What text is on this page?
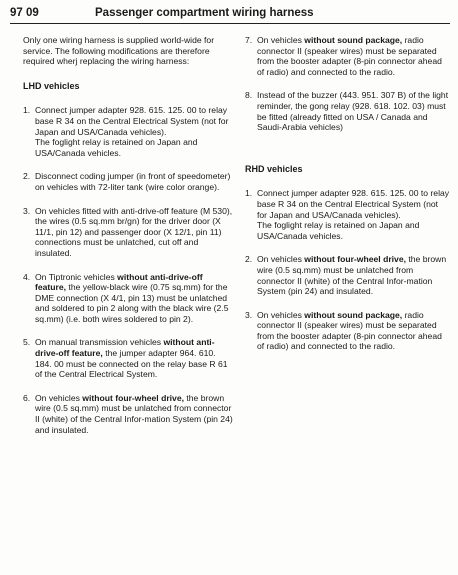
97 09	Passenger compartment wiring harness

Only one wiring harness is supplied world-wide for service. The following modifications are therefore required wherj replacing the wiring harness:

LHD vehicles

1. Connect jumper adapter 928. 615. 125. 00 to relay base R 34 on the Central Electrical System (not for Japan and USA/Canada vehicles).
The foglight relay is retained on Japan and USA/Canada vehicles.
2. Disconnect coding jumper (in front of speedometer) on vehicles with 72-liter tank (wire color orange).
3. On vehicles fitted with anti-drive-off feature (M 530), the wires (0.5 sq.mm br/gn) for the driver door (X 11/1, pin 12) and passenger door (X 12/1, pin 11) connections must be unlatched, cut off and insulated.
4. On Tiptronic vehicles without anti-drive-off feature, the yellow-black wire (0.75 sq.mm) for the DME connection (X 4/1, pin 13) must be unlatched and soldered to pin 2 along with the black wire (2.5 sq.mm) (i.e. both wires soldered to pin 2).
5. On manual transmission vehicles without anti-drive-off feature, the jumper adapter 964. 610. 184. 00 must be connected on the relay base R 61 of the Central Electrical System.
6. On vehicles without four-wheel drive, the brown wire (0.5 sq.mm) must be unlatched from connector II (white) of the Central Infor-mation System (pin 24) and insulated.
7. On vehicles without sound package, radio connector II (speaker wires) must be separated from the booster adapter (8-pin connector ahead of radio) and connected to the radio.
8. Instead of the buzzer (443. 951. 307 B) of the light reminder, the gong relay (928. 618. 102. 03) must be fitted (already fitted on USA / Canada and Saudi-Arabia vehicles)

RHD vehicles

1. Connect jumper adapter 928. 615. 125. 00 to relay base R 34 on the Central Electrical System (not for Japan and USA/Canada vehicles).
The foglight relay is retained on Japan and USA/Canada vehicles.
2. On vehicles without four-wheel drive, the brown wire (0.5 sq.mm) must be unlatched from connector II (white) of the Central Infor-mation System (pin 24) and insulated.
3. On vehicles without sound package, radio connector II (speaker wires) must be separated from the booster adapter (8-pin connector ahead of radio) and connected to the radio.
